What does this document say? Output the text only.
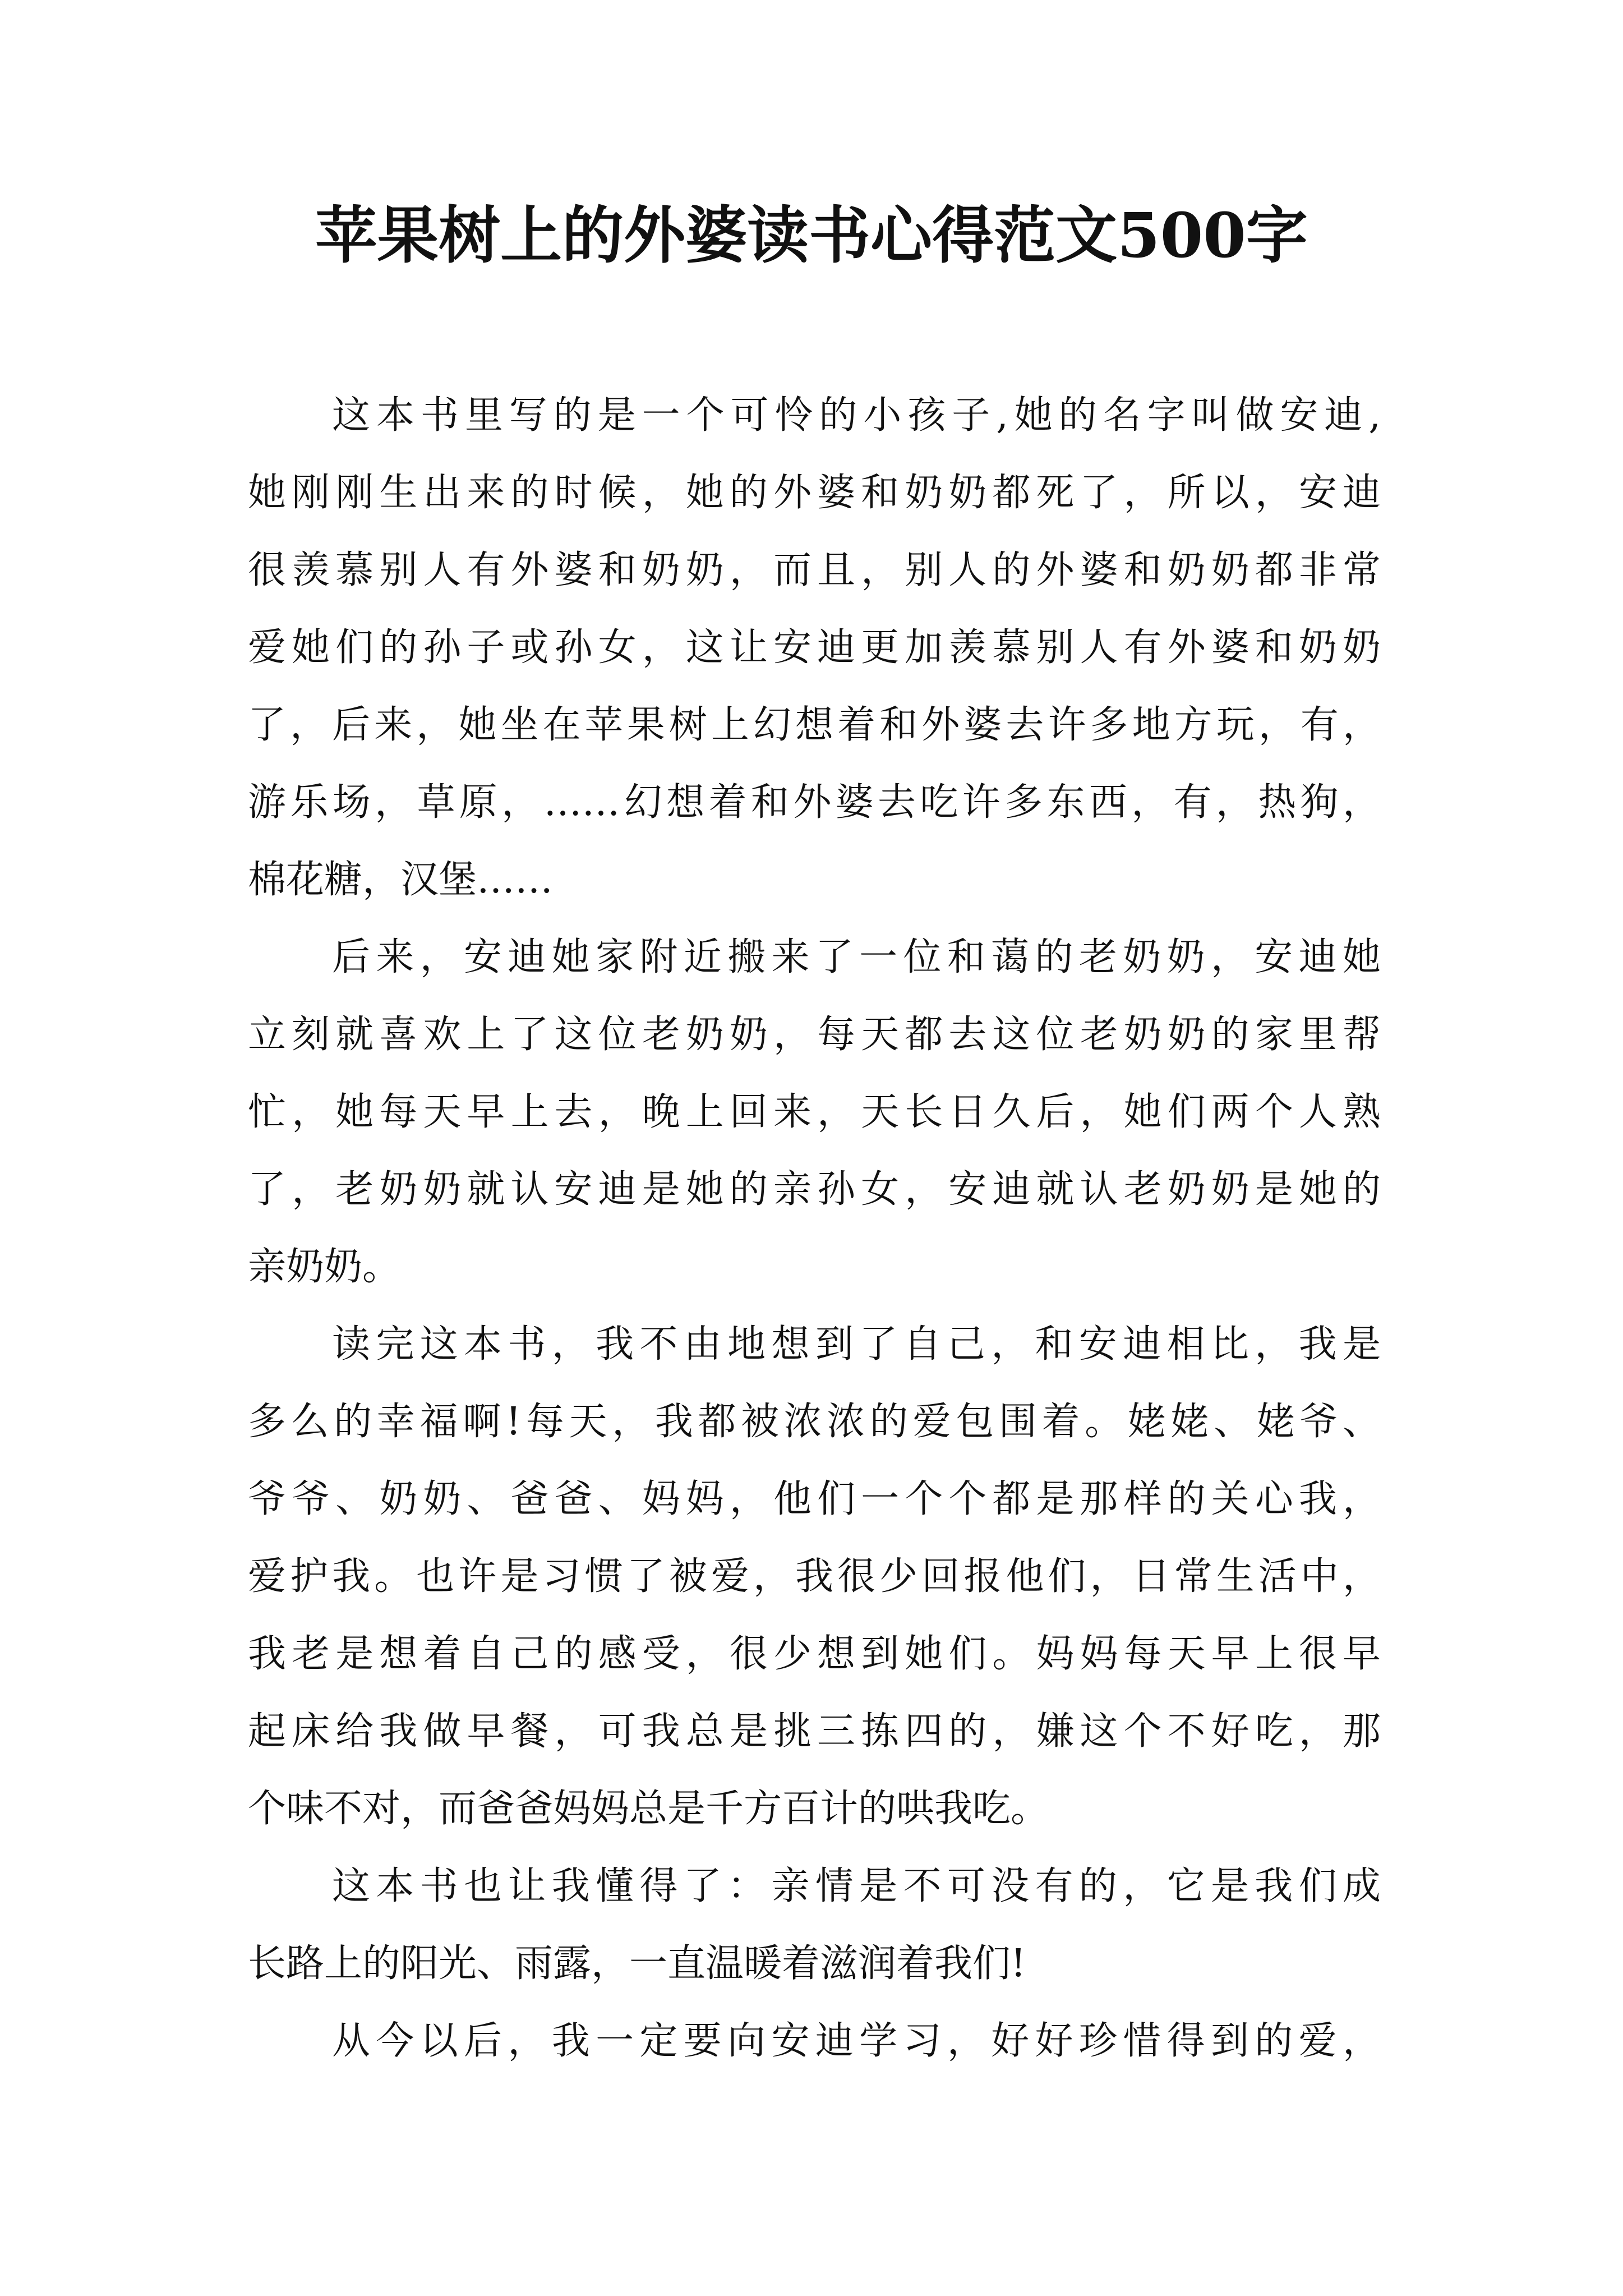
苹果树上的外婆读书心得范文500字
这本书里写的是一个可怜的小孩子,她的名字叫做安迪,
她刚刚生出来的时候，她的外婆和奶奶都死了，所以，安迪
很羡慕别人有外婆和奶奶，而且，别人的外婆和奶奶都非常
爱她们的孙子或孙女，这让安迪更加羡慕别人有外婆和奶奶
了，后来，她坐在苹果树上幻想着和外婆去许多地方玩，有，
游乐场，草原，……幻想着和外婆去吃许多东西，有，热狗，
棉花糖，汉堡……
后来，安迪她家附近搬来了一位和蔼的老奶奶，安迪她
立刻就喜欢上了这位老奶奶，每天都去这位老奶奶的家里帮
忙，她每天早上去，晚上回来，天长日久后，她们两个人熟
了，老奶奶就认安迪是她的亲孙女，安迪就认老奶奶是她的
亲奶奶。
读完这本书，我不由地想到了自己，和安迪相比，我是
多么的幸福啊!每天，我都被浓浓的爱包围着。姥姥、姥爷、
爷爷、奶奶、爸爸、妈妈，他们一个个都是那样的关心我，
爱护我。也许是习惯了被爱，我很少回报他们，日常生活中，
我老是想着自己的感受，很少想到她们。妈妈每天早上很早
起床给我做早餐，可我总是挑三拣四的，嫌这个不好吃，那
个味不对，而爸爸妈妈总是千方百计的哄我吃。
这本书也让我懂得了：亲情是不可没有的，它是我们成
长路上的阳光、雨露，一直温暖着滋润着我们!
从今以后，我一定要向安迪学习，好好珍惜得到的爱，
